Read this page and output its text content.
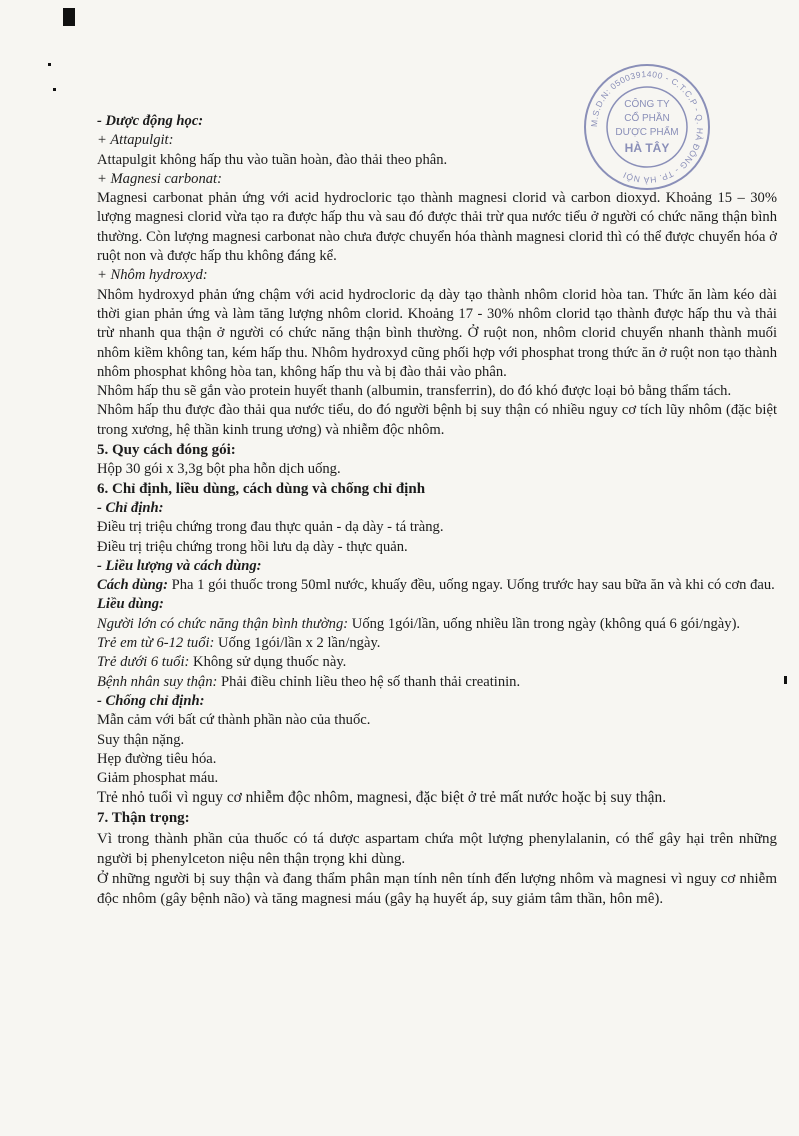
M.S.D.N: 0500391400 - C.T.C.P - Q. HÀ ĐÔNG - TP. HÀ NỘI
CÔNG TY
CỔ PHẦN
DƯỢC PHẨM
HÀ TÂY

- Dược động học:

+ Attapulgit:

Attapulgit không hấp thu vào tuần hoàn, đào thải theo phân.

+ Magnesi carbonat:

Magnesi carbonat phản ứng với acid hydrocloric tạo thành magnesi clorid và carbon dioxyd. Khoảng 15 – 30% lượng magnesi clorid vừa tạo ra được hấp thu và sau đó được thải trừ qua nước tiểu ở người có chức năng thận bình thường. Còn lượng magnesi carbonat nào chưa được chuyển hóa thành magnesi clorid thì có thể được chuyển hóa ở ruột non và được hấp thu không đáng kể.

+ Nhôm hydroxyd:

Nhôm hydroxyd phản ứng chậm với acid hydrocloric dạ dày tạo thành nhôm clorid hòa tan. Thức ăn làm kéo dài thời gian phản ứng và làm tăng lượng nhôm clorid. Khoảng 17 - 30% nhôm clorid tạo thành được hấp thu và thải trừ nhanh qua thận ở người có chức năng thận bình thường. Ở ruột non, nhôm clorid chuyển nhanh thành muối nhôm kiềm không tan, kém hấp thu. Nhôm hydroxyd cũng phối hợp với phosphat trong thức ăn ở ruột non tạo thành nhôm phosphat không hòa tan, không hấp thu và bị đào thải vào phân.

Nhôm hấp thu sẽ gắn vào protein huyết thanh (albumin, transferrin), do đó khó được loại bỏ bằng thẩm tách.

Nhôm hấp thu được đào thải qua nước tiểu, do đó người bệnh bị suy thận có nhiều nguy cơ tích lũy nhôm (đặc biệt trong xương, hệ thần kinh trung ương) và nhiễm độc nhôm.

5. Quy cách đóng gói:

Hộp 30 gói x 3,3g bột pha hỗn dịch uống.

6. Chỉ định, liều dùng, cách dùng và chống chỉ định

- Chỉ định:

Điều trị triệu chứng trong đau thực quản - dạ dày - tá tràng.

Điều trị triệu chứng trong hồi lưu dạ dày - thực quản.

- Liều lượng và cách dùng:

Cách dùng: Pha 1 gói thuốc trong 50ml nước, khuấy đều, uống ngay. Uống trước hay sau bữa ăn và khi có cơn đau.

Liều dùng:

Người lớn có chức năng thận bình thường: Uống 1gói/lần, uống nhiều lần trong ngày (không quá 6 gói/ngày).

Trẻ em từ 6-12 tuổi: Uống 1gói/lần x 2 lần/ngày.

Trẻ dưới 6 tuổi: Không sử dụng thuốc này.

Bệnh nhân suy thận: Phải điều chỉnh liều theo hệ số thanh thải creatinin.

- Chống chỉ định:

Mẫn cảm với bất cứ thành phần nào của thuốc.

Suy thận nặng.

Hẹp đường tiêu hóa.

Giảm phosphat máu.

Trẻ nhỏ tuổi vì nguy cơ nhiễm độc nhôm, magnesi, đặc biệt ở trẻ mất nước hoặc bị suy thận.

7. Thận trọng:

Vì trong thành phần của thuốc có tá dược aspartam chứa một lượng phenylalanin, có thể gây hại trên những người bị phenylceton niệu nên thận trọng khi dùng.

Ở những người bị suy thận và đang thẩm phân mạn tính nên tính đến lượng nhôm và magnesi vì nguy cơ nhiễm độc nhôm (gây bệnh não) và tăng magnesi máu (gây hạ huyết áp, suy giảm tâm thần, hôn mê).
